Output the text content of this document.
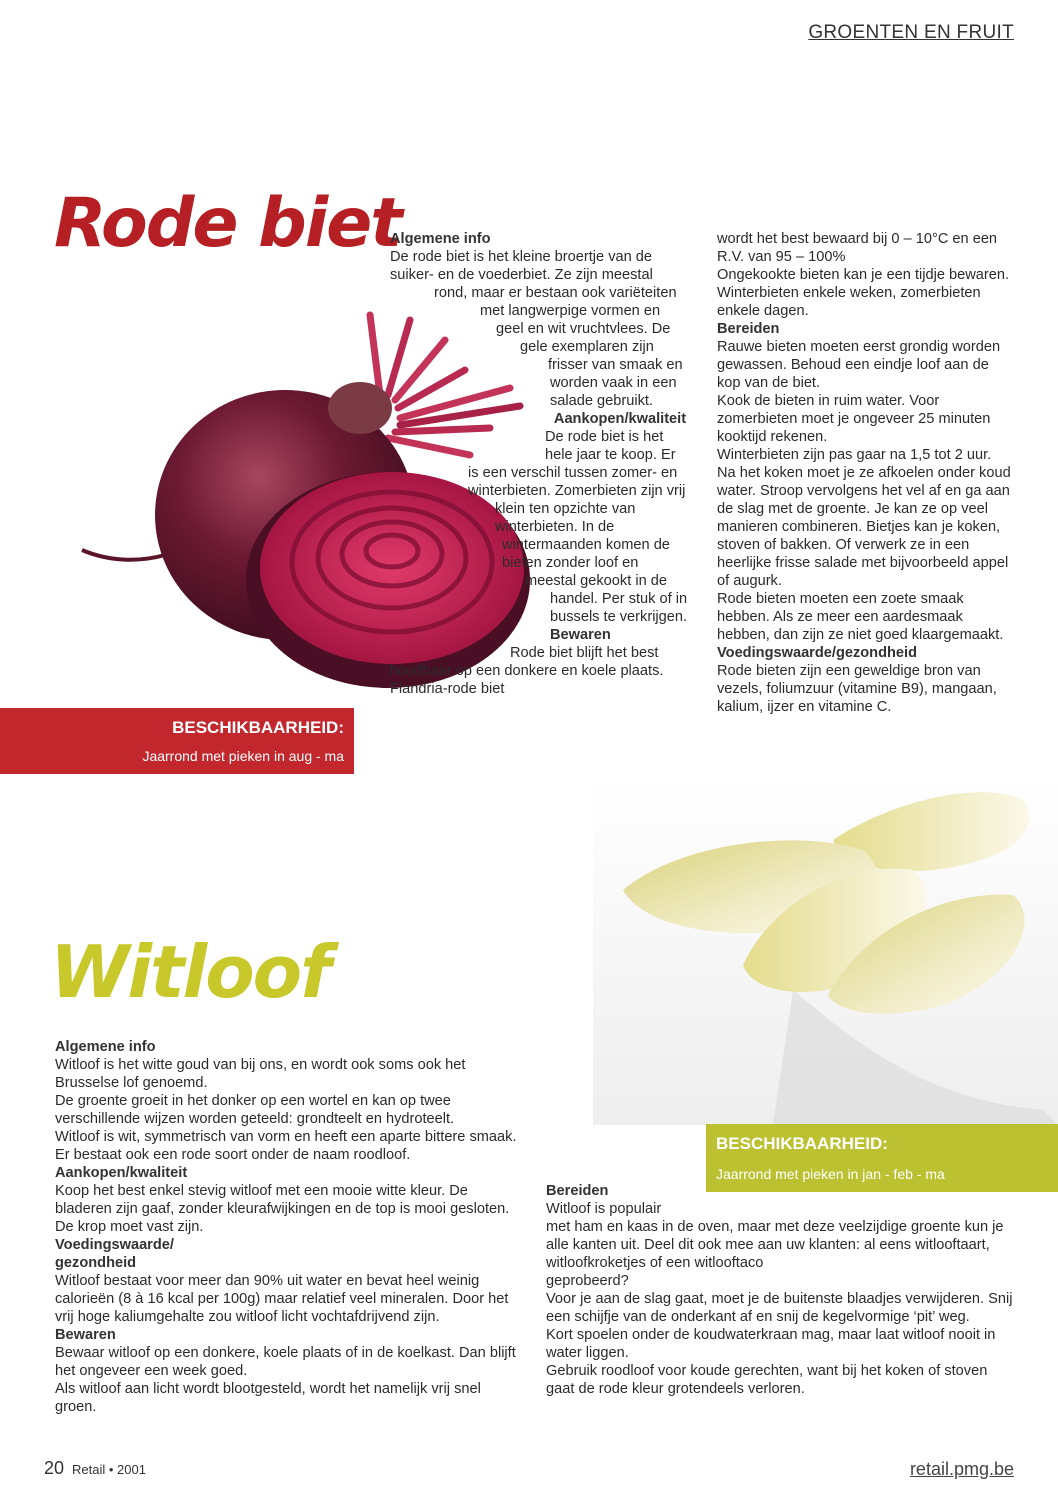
GROENTEN EN FRUIT
Rode biet

Algemene info

De rode biet is het kleine broertje van de suiker- en de voederbiet. Ze zijn meestal rond, maar er bestaan ook variëteiten met langwerpige vormen en geel en wit vruchtvlees. De gele exemplaren zijn frisser van smaak en worden vaak in een salade gebruikt.

Aankopen/kwaliteit

De rode biet is het hele jaar te koop. Er is een verschil tussen zomer- en winterbieten. Zomerbieten zijn vrij klein ten opzichte van winterbieten. In de wintermaanden komen de bieten zonder loof en meestal gekookt in de handel. Per stuk of in bussels te verkrijgen.

Bewaren

Rode biet blijft het best houdbaar op een donkere en koele plaats. Flandria-rode biet

wordt het best bewaard bij 0 – 10°C en een R.V. van 95 – 100%

Ongekookte bieten kan je een tijdje bewaren. Winterbieten enkele weken, zomerbieten enkele dagen.

Bereiden

Rauwe bieten moeten eerst grondig worden gewassen. Behoud een eindje loof aan de kop van de biet.

Kook de bieten in ruim water. Voor zomerbieten moet je ongeveer 25 minuten kooktijd rekenen.

Winterbieten zijn pas gaar na 1,5 tot 2 uur. Na het koken moet je ze afkoelen onder koud water. Stroop vervolgens het vel af en ga aan de slag met de groente. Je kan ze op veel manieren combineren. Bietjes kan je koken, stoven of bakken. Of verwerk ze in een heerlijke frisse salade met bijvoorbeeld appel of augurk.

Rode bieten moeten een zoete smaak hebben. Als ze meer een aardesmaak hebben, dan zijn ze niet goed klaargemaakt.

Voedingswaarde/gezondheid

Rode bieten zijn een geweldige bron van vezels, foliumzuur (vitamine B9), mangaan, kalium, ijzer en vitamine C.

BESCHIKBAARHEID:
Jaarrond met pieken in aug - ma
Witloof

Algemene info

Witloof is het witte goud van bij ons, en wordt ook soms ook het Brusselse lof genoemd.

De groente groeit in het donker op een wortel en kan op twee verschillende wijzen worden geteeld: grondteelt en hydroteelt.

Witloof is wit, symmetrisch van vorm en heeft een aparte bittere smaak. Er bestaat ook een rode soort onder de naam roodloof.

Aankopen/kwaliteit

Koop het best enkel stevig witloof met een mooie witte kleur. De bladeren zijn gaaf, zonder kleurafwijkingen en de top is mooi gesloten. De krop moet vast zijn.

Voedingswaarde/

gezondheid

Witloof bestaat voor meer dan 90% uit water en bevat heel weinig calorieën (8 à 16 kcal per 100g) maar relatief veel mineralen. Door het vrij hoge kaliumgehalte zou witloof licht vochtafdrijvend zijn.

Bewaren

Bewaar witloof op een donkere, koele plaats of in de koelkast. Dan blijft het ongeveer een week goed.

Als witloof aan licht wordt blootgesteld, wordt het namelijk vrij snel groen.

BESCHIKBAARHEID:
Jaarrond met pieken in jan - feb - ma

Bereiden

Witloof is populair

met ham en kaas in de oven, maar met deze veelzijdige groente kun je alle kanten uit. Deel dit ook mee aan uw klanten: al eens witlooftaart, witloofkroketjes of een witlooftaco

geprobeerd?

Voor je aan de slag gaat, moet je de buitenste blaadjes verwijderen. Snij een schijfje van de onderkant af en snij de kegelvormige ‘pit’ weg.

Kort spoelen onder de koudwaterkraan mag, maar laat witloof nooit in water liggen.

Gebruik roodloof voor koude gerechten, want bij het koken of stoven gaat de rode kleur grotendeels verloren.

20 Retail • 2001	retail.pmg.be
